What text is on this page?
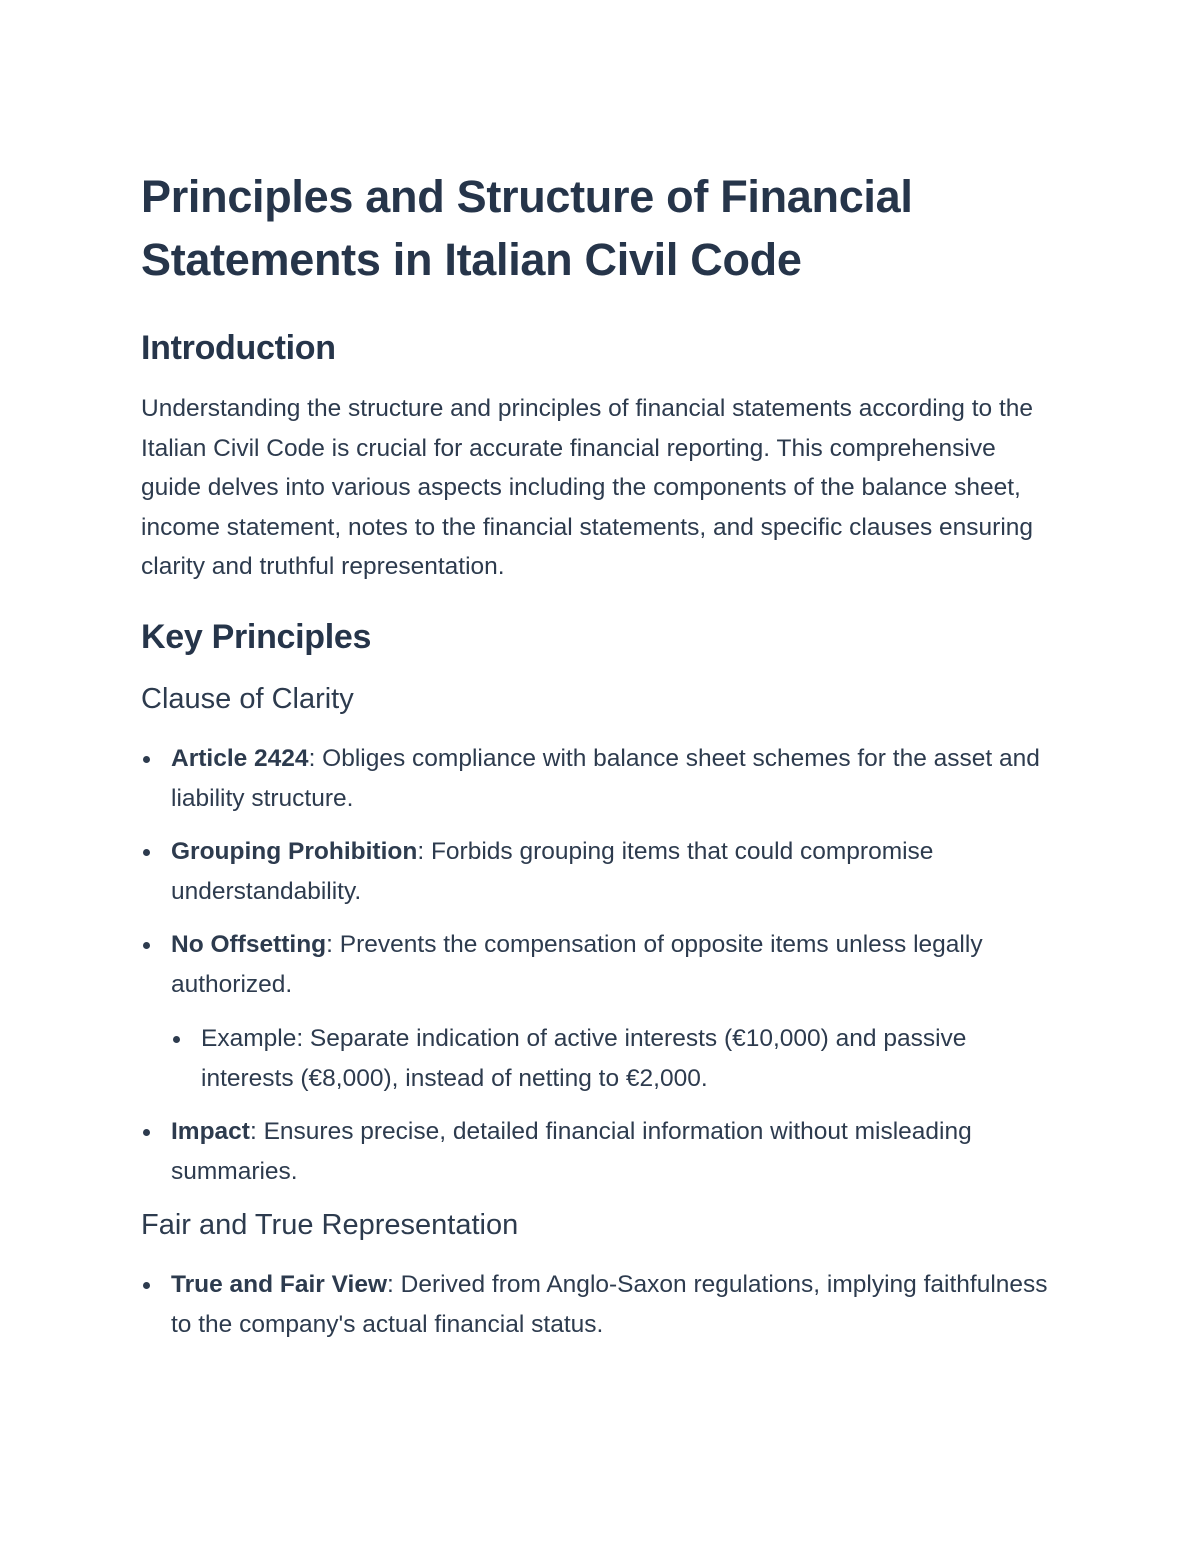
Principles and Structure of Financial Statements in Italian Civil Code
Introduction

Understanding the structure and principles of financial statements according to the Italian Civil Code is crucial for accurate financial reporting. This comprehensive guide delves into various aspects including the components of the balance sheet, income statement, notes to the financial statements, and specific clauses ensuring clarity and truthful representation.

Key Principles
Clause of Clarity
Article 2424: Obliges compliance with balance sheet schemes for the asset and liability structure.
Grouping Prohibition: Forbids grouping items that could compromise understandability.
No Offsetting: Prevents the compensation of opposite items unless legally authorized.
Example: Separate indication of active interests (€10,000) and passive interests (€8,000), instead of netting to €2,000.
Impact: Ensures precise, detailed financial information without misleading summaries.
Fair and True Representation
True and Fair View: Derived from Anglo-Saxon regulations, implying faithfulness to the company's actual financial status.
